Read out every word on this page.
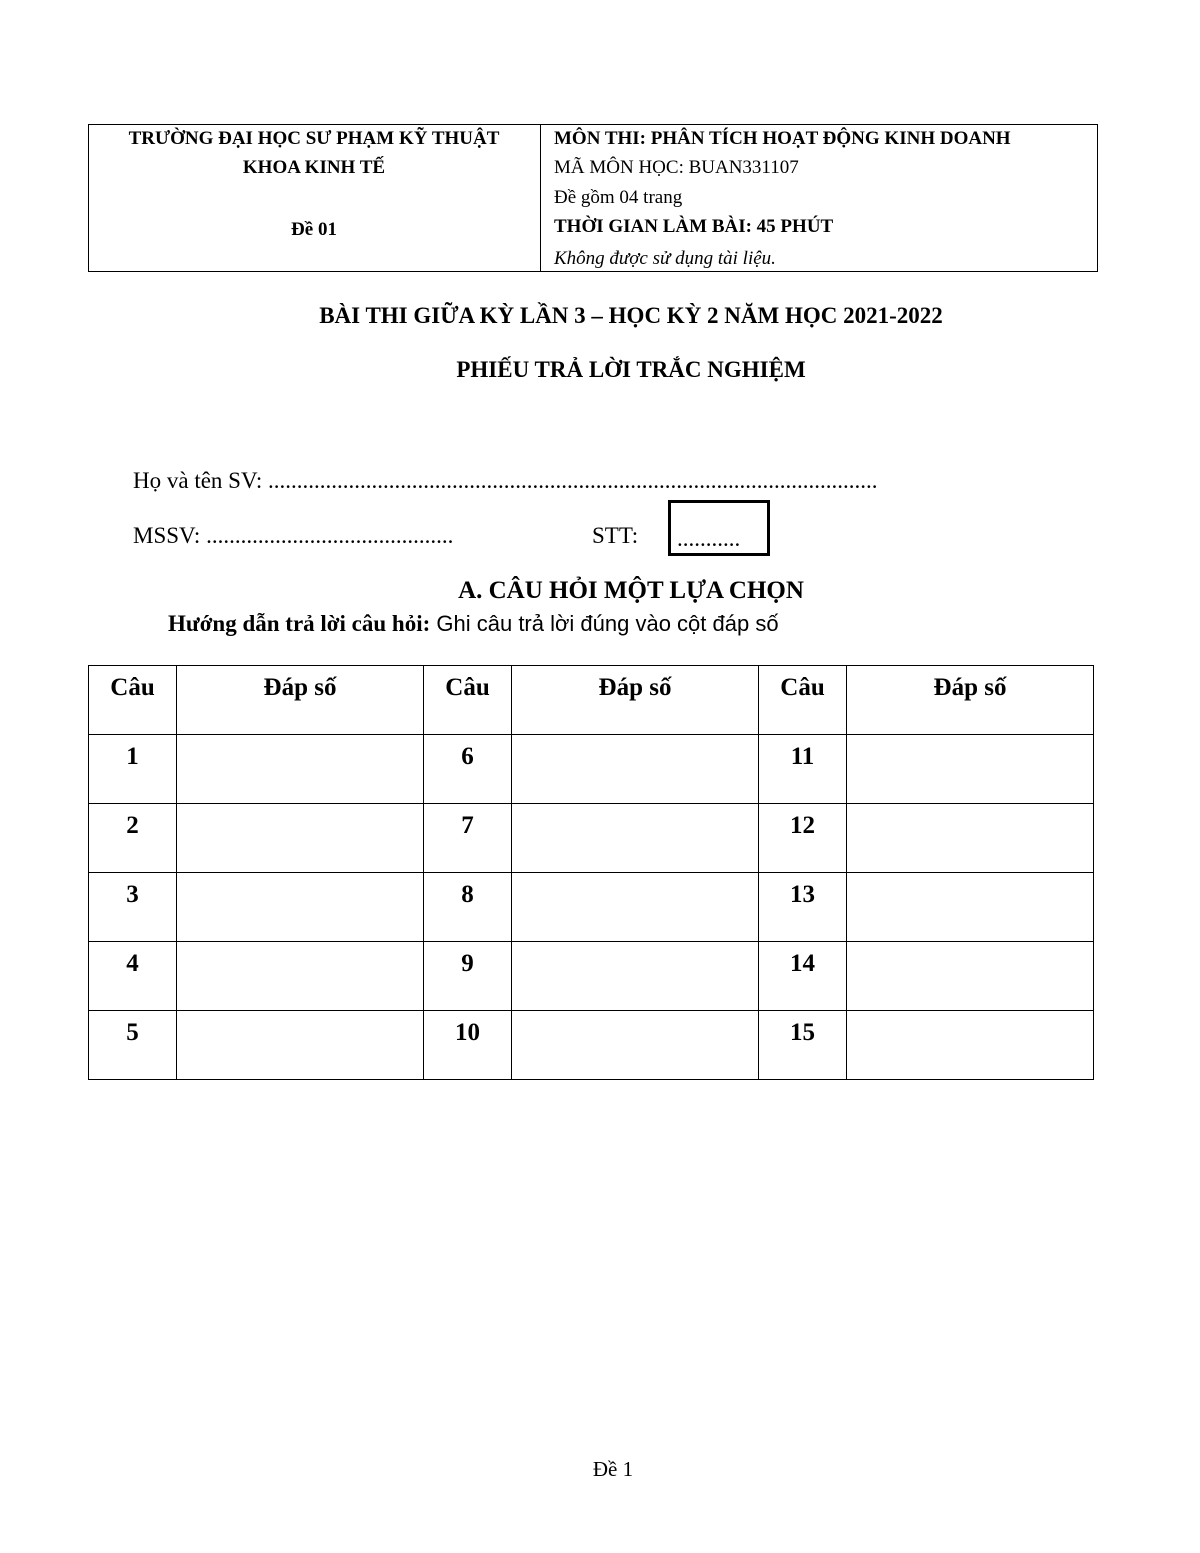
TRƯỜNG ĐẠI HỌC SƯ PHẠM KỸ THUẬT
KHOA KINH TẾ
Đề 01
MÔN THI: PHÂN TÍCH HOẠT ĐỘNG KINH DOANH
MÃ MÔN HỌC: BUAN331107
Đề gồm 04 trang
THỜI GIAN LÀM BÀI: 45 PHÚT
Không được sử dụng tài liệu.
BÀI THI GIỮA KỲ LẦN 3 – HỌC KỲ 2 NĂM HỌC 2021-2022
PHIẾU TRẢ LỜI TRẮC NGHIỆM
Họ và tên SV: ..........................................................................................................
MSSV: ...........................................	STT: ...........
A. CÂU HỎI MỘT LỰA CHỌN
Hướng dẫn trả lời câu hỏi: Ghi câu trả lời đúng vào cột đáp số
Câu	Đáp số	Câu	Đáp số	Câu	Đáp số
1		6		11	
2		7		12	
3		8		13	
4		9		14	
5		10		15	
Đề 1
